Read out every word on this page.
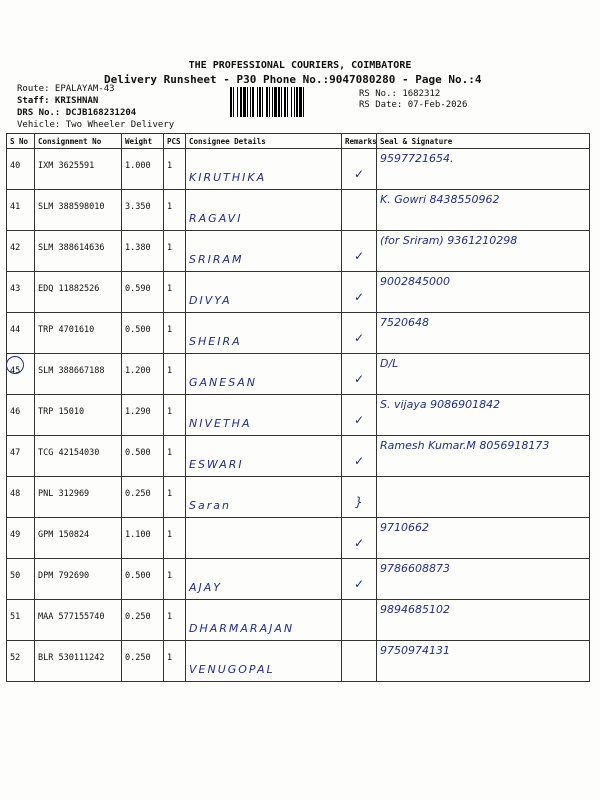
THE PROFESSIONAL COURIERS, COIMBATORE
Delivery Runsheet - P30 Phone No.:9047080280 - Page No.:4
Route: EPALAYAM-43
Staff: KRISHNAN
DRS No.: DCJB168231204
Vehicle: Two Wheeler Delivery
RS No.: 1682312
RS Date: 07-Feb-2026
S No	Consignment No	Weight	PCS	Consignee Details	Remarks	Seal & Signature
40	IXM 3625591	1.000	1	KIRUTHIKA	✓	9597721654.
41	SLM 388598010	3.350	1	RAGAVI		K. Gowri 8438550962
42	SLM 388614636	1.380	1	SRIRAM	✓	(for Sriram) 9361210298
43	EDQ 11882526	0.590	1	DIVYA	✓	9002845000
44	TRP 4701610	0.500	1	SHEIRA	✓	7520648
45	SLM 388667188	1.200	1	GANESAN	✓	D/L
46	TRP 15010	1.290	1	NIVETHA	✓	S. vijaya 9086901842
47	TCG 42154030	0.500	1	ESWARI	✓	Ramesh Kumar.M 8056918173
48	PNL 312969	0.250	1	Saran	}	
49	GPM 150824	1.100	1		✓	9710662
50	DPM 792690	0.500	1	AJAY	✓	9786608873
51	MAA 577155740	0.250	1	DHARMARAJAN		9894685102
52	BLR 530111242	0.250	1	VENUGOPAL		9750974131
